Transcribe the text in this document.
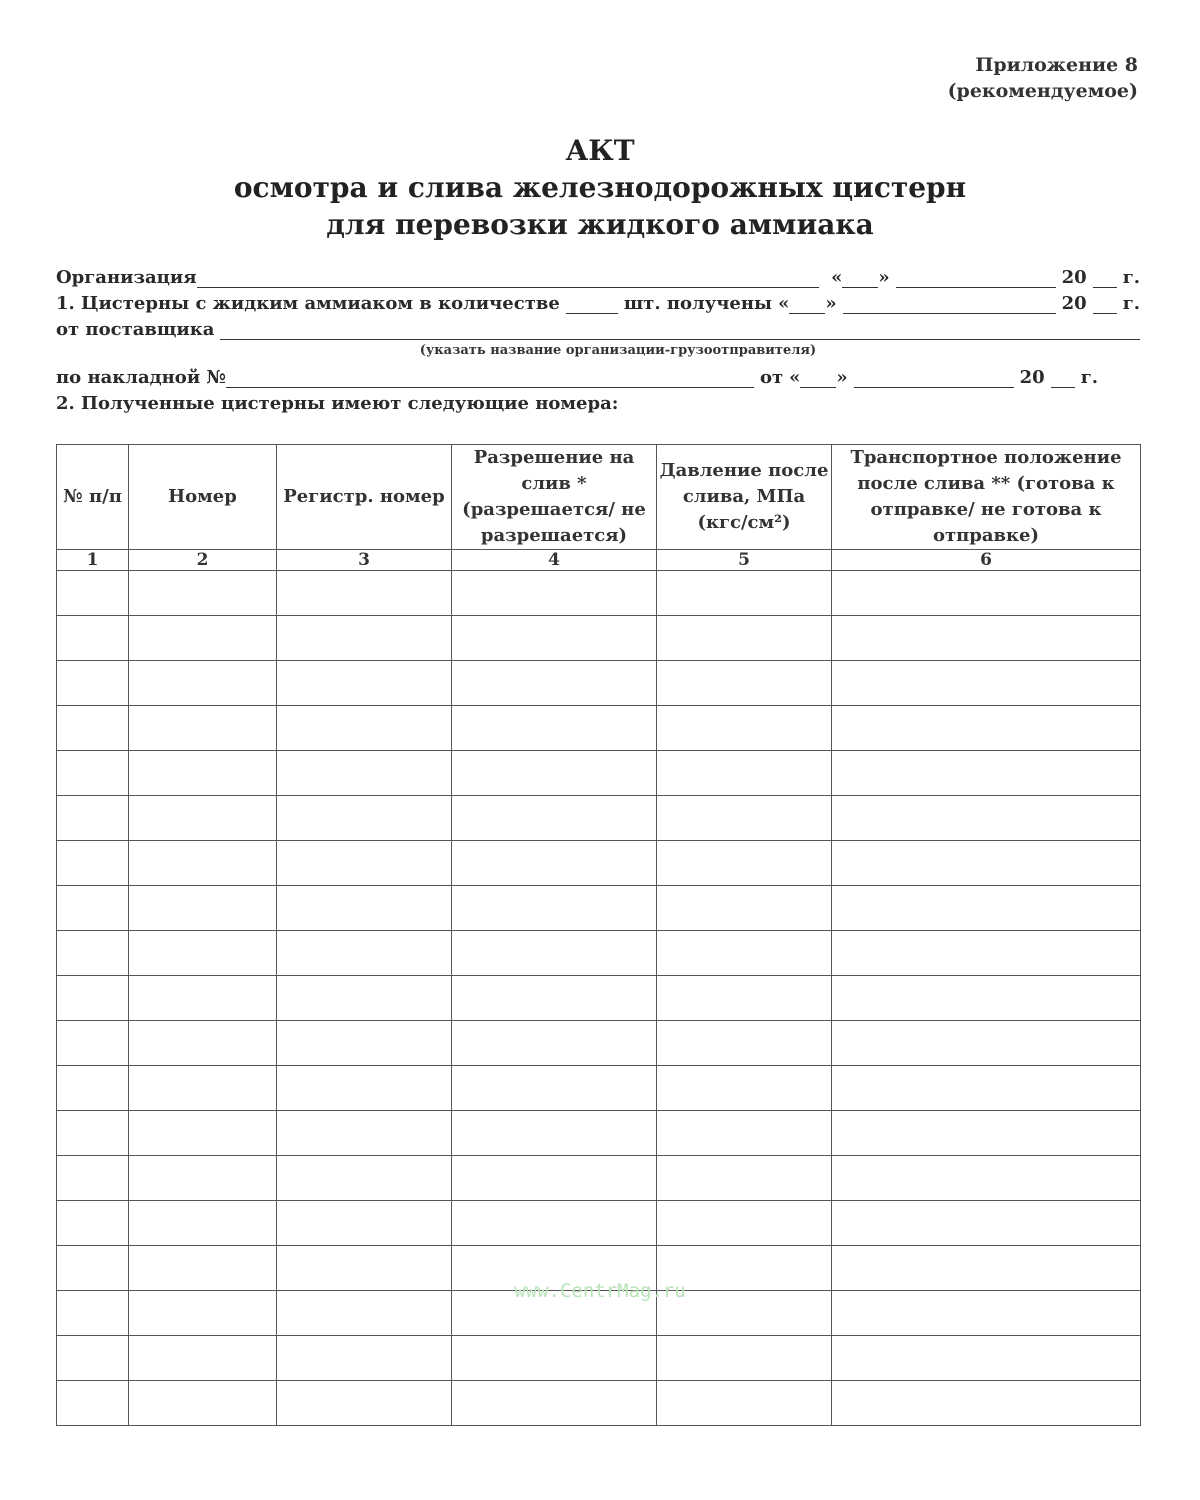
Приложение 8
(рекомендуемое)
АКТ
осмотра и слива железнодорожных цистерн
для перевозки жидкого аммиака
Организация	« »	20 г.
1. Цистерны с жидким аммиаком в количестве	шт. получены « »	20 г.
от поставщика
(указать название организации-грузоотправителя)
по накладной №	от « »	20 г.
2. Полученные цистерны имеют следующие номера:
№ п/п	Номер	Регистр. номер	Разрешение на слив * (разрешается/ не разрешается)	Давление после слива, МПа (кгс/см²)	Транспортное положение после слива ** (готова к отправке/ не готова к отправке)
1	2	3	4	5	6

www.CentrMag.ru
